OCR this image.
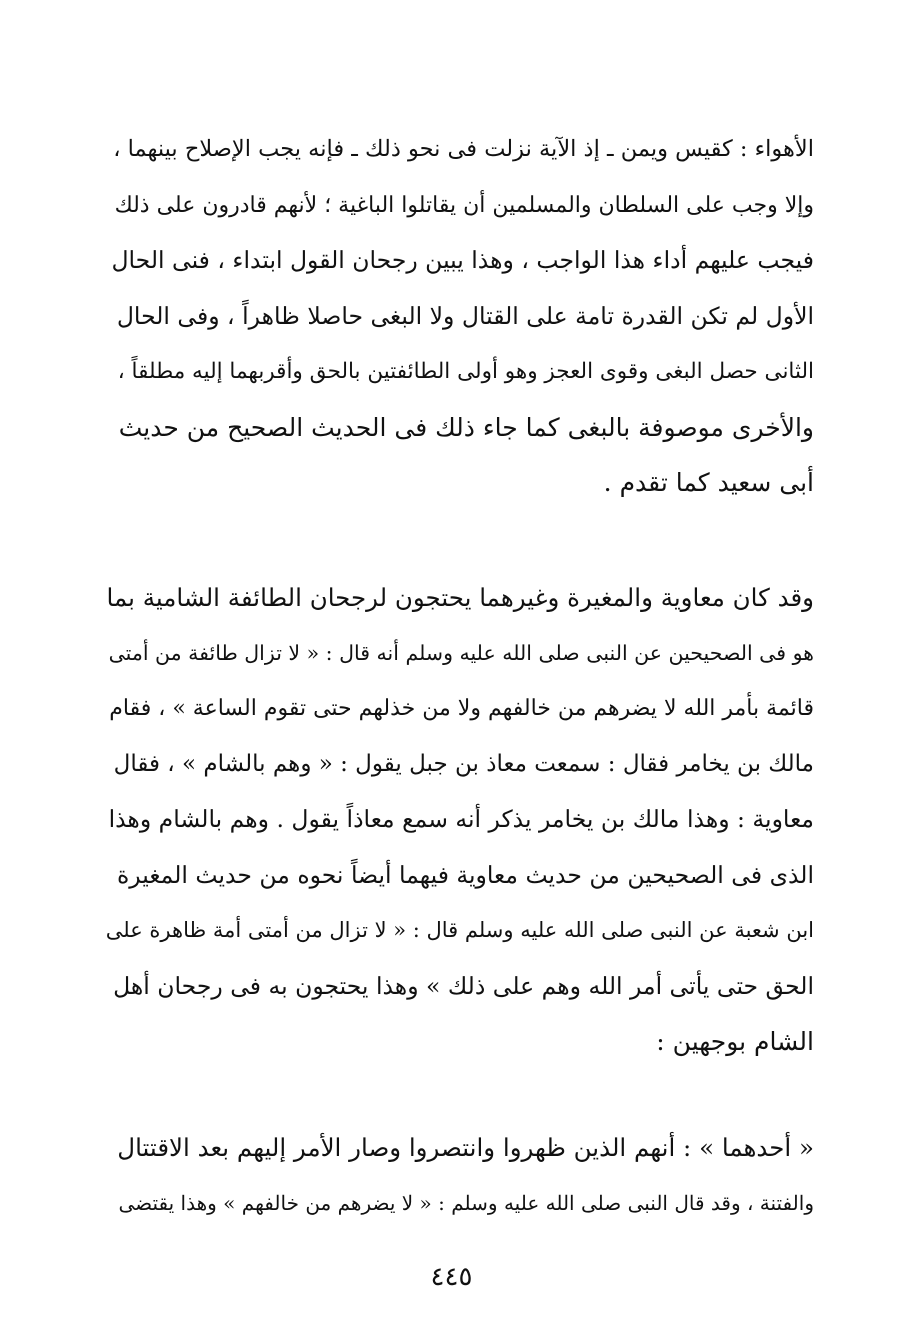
الأهواء : كقيس ويمن ـ إذ الآية نزلت فى نحو ذلك ـ فإنه يجب الإصلاح بينهما ،
وإلا وجب على السلطان والمسلمين أن يقاتلوا الباغية ؛ لأنهم قادرون على ذلك
فيجب عليهم أداء هذا الواجب ، وهذا يبين رجحان القول ابتداء ، فنى الحال
الأول لم تكن القدرة تامة على القتال ولا البغى حاصلا ظاهراً ، وفى الحال
الثانى حصل البغى وقوى العجز وهو أولى الطائفتين بالحق وأقربهما إليه مطلقاً ،
والأخرى موصوفة بالبغى كما جاء ذلك فى الحديث الصحيح من حديث
أبى سعيد كما تقدم .
وقد كان معاوية والمغيرة وغيرهما يحتجون لرجحان الطائفة الشامية بما
هو فى الصحيحين عن النبى صلى الله عليه وسلم أنه قال : « لا تزال طائفة من أمتى
قائمة بأمر الله لا يضرهم من خالفهم ولا من خذلهم حتى تقوم الساعة » ، فقام
مالك بن يخامر فقال : سمعت معاذ بن جبل يقول : « وهم بالشام » ، فقال
معاوية : وهذا مالك بن يخامر يذكر أنه سمع معاذاً يقول . وهم بالشام وهذا
الذى فى الصحيحين من حديث معاوية فيهما أيضاً نحوه من حديث المغيرة
ابن شعبة عن النبى صلى الله عليه وسلم قال : « لا تزال من أمتى أمة ظاهرة على
الحق حتى يأتى أمر الله وهم على ذلك » وهذا يحتجون به فى رجحان أهل
الشام بوجهين :
« أحدهما » : أنهم الذين ظهروا وانتصروا وصار الأمر إليهم بعد الاقتتال
والفتنة ، وقد قال النبى صلى الله عليه وسلم : « لا يضرهم من خالفهم » وهذا يقتضى
٤٤٥
